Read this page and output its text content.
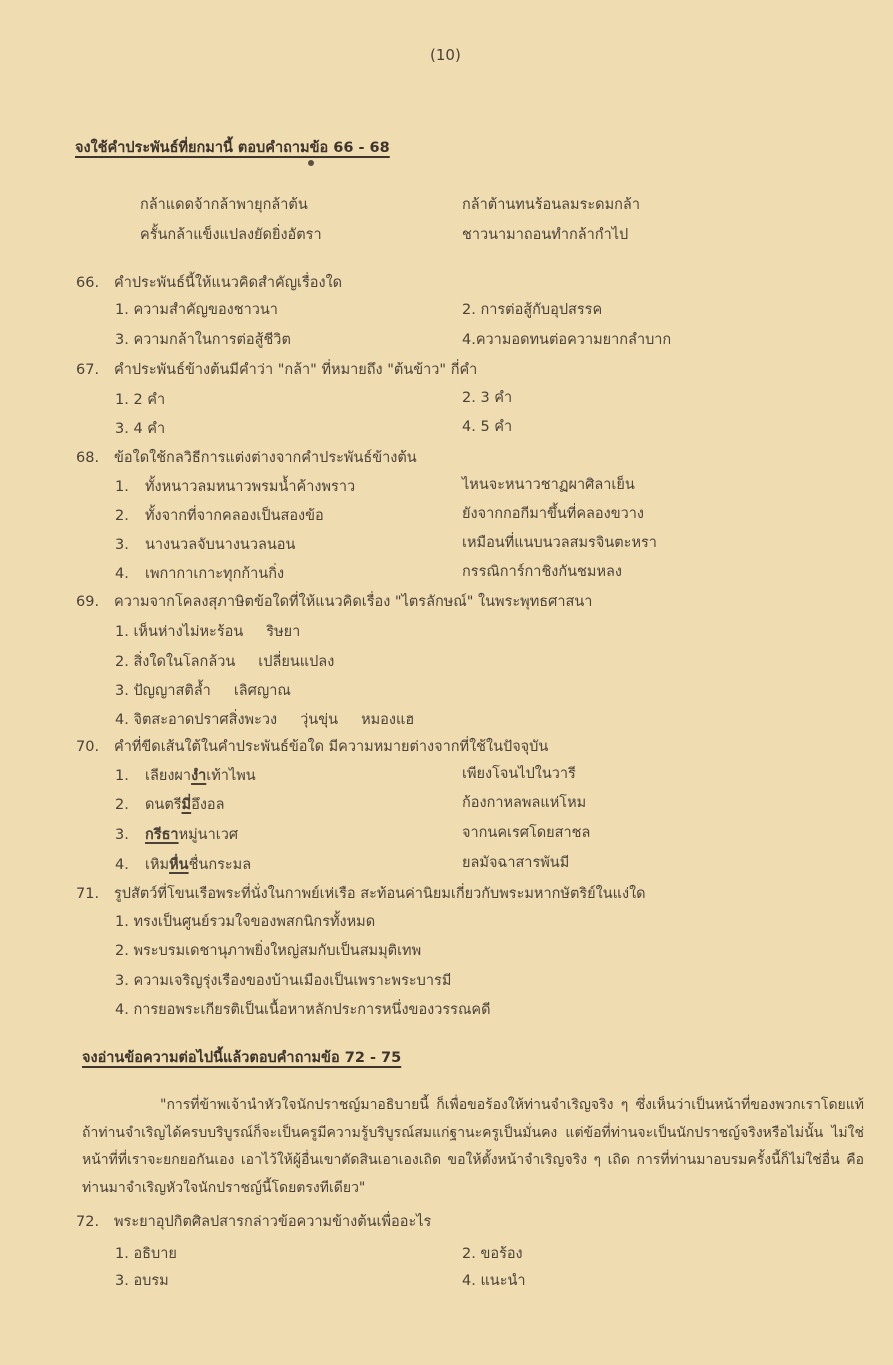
(10)
จงใช้คำประพันธ์ที่ยกมานี้ ตอบคำถามข้อ 66 - 68
กล้าแดดจ้ากล้าพายุกล้าต้น	กล้าต้านทนร้อนลมระดมกล้า
ครั้นกล้าแข็งแปลงยัดยิ่งอัตรา	ชาวนามาถอนทำกล้ากำไป
66. คำประพันธ์นี้ให้แนวคิดสำคัญเรื่องใด
1. ความสำคัญของชาวนา	2. การต่อสู้กับอุปสรรค
3. ความกล้าในการต่อสู้ชีวิต	4.ความอดทนต่อความยากลำบาก
67. คำประพันธ์ข้างต้นมีคำว่า "กล้า" ที่หมายถึง "ต้นข้าว" กี่คำ
1. 2 คำ	2. 3 คำ
3. 4 คำ	4. 5 คำ
68. ข้อใดใช้กลวิธีการแต่งต่างจากคำประพันธ์ข้างต้น
1. ทั้งหนาวลมหนาวพรมน้ำค้างพราว	ไหนจะหนาวชาฏผาศิลาเย็น
2. ทั้งจากที่จากคลองเป็นสองข้อ	ยังจากกอกีมาขึ้นที่คลองขวาง
3. นางนวลจับนางนวลนอน	เหมือนที่แนบนวลสมรจินตะหรา
4. เพกากาเกาะทุกก้านกิ่ง	กรรณิการ์กาชิงกันชมหลง
69. ความจากโคลงสุภาษิตข้อใดที่ให้แนวคิดเรื่อง "ไตรลักษณ์" ในพระพุทธศาสนา
1. เห็นห่างไม่หะร้อน     ริษยา
2. สิ่งใดในโลกล้วน     เปลี่ยนแปลง
3. ปัญญาสติล้ำ     เลิศญาณ
4. จิตสะอาดปราศสิ่งพะวง     วุ่นขุ่น     หมองแฮ
70. คำที่ขีดเส้นใต้ในคำประพันธ์ข้อใด มีความหมายต่างจากที่ใช้ในปัจจุบัน
1. เลียงผางำเท้าไพน	เพียงโจนไปในวารี
2. ดนตรีมี่อึงอล	ก้องกาหลพลแห่โหม
3. กรีธาหมู่นาเวศ	จากนคเรศโดยสาชล
4. เหิมหื่นชื่นกระมล	ยลมัจฉาสารพันมี
71. รูปสัตว์ที่โขนเรือพระที่นั่งในกาพย์เห่เรือ สะท้อนค่านิยมเกี่ยวกับพระมหากษัตริย์ในแง่ใด
1. ทรงเป็นศูนย์รวมใจของพสกนิกรทั้งหมด
2. พระบรมเดชานุภาพยิ่งใหญ่สมกับเป็นสมมุติเทพ
3. ความเจริญรุ่งเรืองของบ้านเมืองเป็นเพราะพระบารมี
4. การยอพระเกียรติเป็นเนื้อหาหลักประการหนึ่งของวรรณคดี
จงอ่านข้อความต่อไปนี้แล้วตอบคำถามข้อ 72 - 75
"การที่ข้าพเจ้านำหัวใจนักปราชญ์มาอธิบายนี้ ก็เพื่อขอร้องให้ท่านจำเริญจริง ๆ ซึ่งเห็นว่าเป็นหน้าที่ของพวกเราโดยแท้ ถ้าท่านจำเริญได้ครบบริบูรณ์ก็จะเป็นครูมีความรู้บริบูรณ์สมแก่ฐานะครูเป็นมั่นคง แต่ข้อที่ท่านจะเป็นนักปราชญ์จริงหรือไม่นั้น ไม่ใช่หน้าที่ที่เราจะยกยอกันเอง เอาไว้ให้ผู้อื่นเขาตัดสินเอาเองเถิด ขอให้ตั้งหน้าจำเริญจริง ๆ เถิด การที่ท่านมาอบรมครั้งนี้ก็ไม่ใช่อื่น คือท่านมาจำเริญหัวใจนักปราชญ์นี้โดยตรงทีเดียว"
72. พระยาอุปกิตศิลปสารกล่าวข้อความข้างต้นเพื่ออะไร
1. อธิบาย	2. ขอร้อง
3. อบรม	4. แนะนำ
